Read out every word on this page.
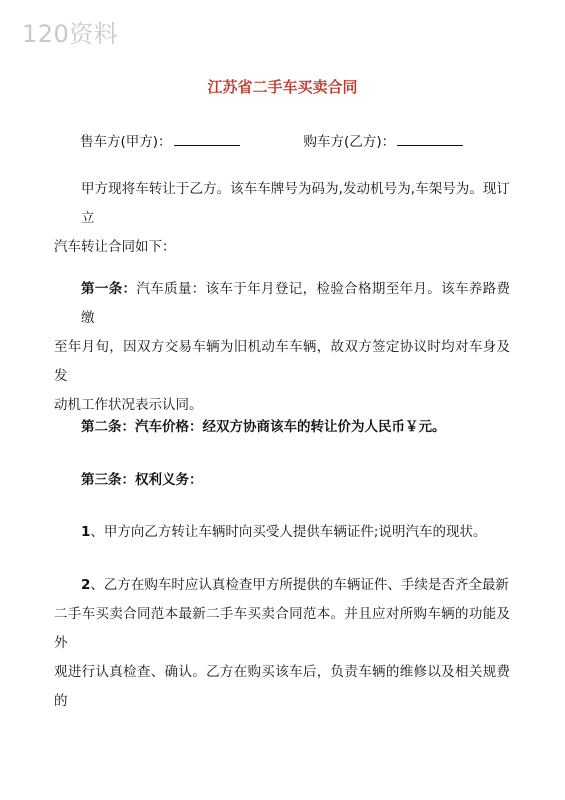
120资料
江苏省二手车买卖合同
售车方(甲方)：	购车方(乙方)：
甲方现将车转让于乙方。该车车牌号为码为,发动机号为,车架号为。现订立
汽车转让合同如下：
第一条：汽车质量：该车于年月登记，检验合格期至年月。该车养路费缴
至年月旬，因双方交易车辆为旧机动车车辆，故双方签定协议时均对车身及发
动机工作状况表示认同。
第二条：汽车价格：经双方协商该车的转让价为人民币￥元。
第三条：权利义务：
1、甲方向乙方转让车辆时向买受人提供车辆证件;说明汽车的现状。
2、乙方在购车时应认真检查甲方所提供的车辆证件、手续是否齐全最新
二手车买卖合同范本最新二手车买卖合同范本。并且应对所购车辆的功能及外
观进行认真检查、确认。乙方在购买该车后，负责车辆的维修以及相关规费的
